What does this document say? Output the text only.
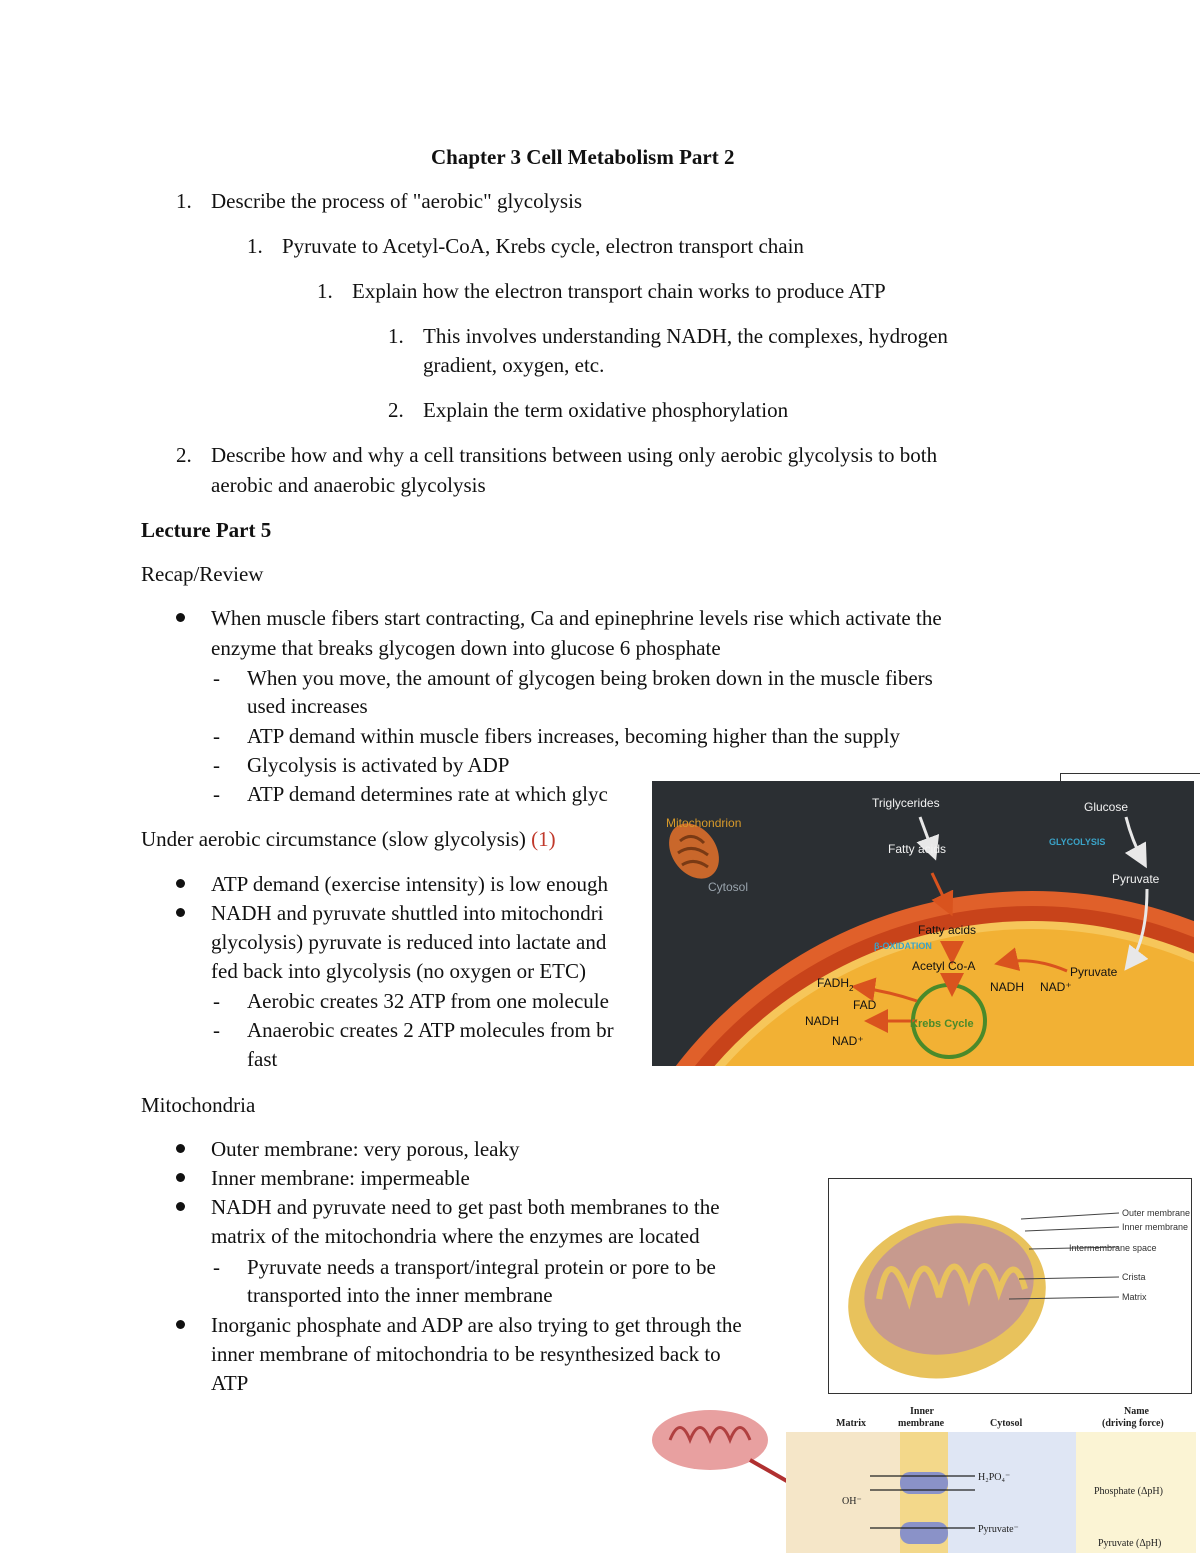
Chapter 3 Cell Metabolism Part 2
1. Describe the process of "aerobic" glycolysis
1. Pyruvate to Acetyl-CoA, Krebs cycle, electron transport chain
1. Explain how the electron transport chain works to produce ATP
1. This involves understanding NADH, the complexes, hydrogen
gradient, oxygen, etc.
2. Explain the term oxidative phosphorylation
2. Describe how and why a cell transitions between using only aerobic glycolysis to both
aerobic and anaerobic glycolysis
Lecture Part 5
Recap/Review
When muscle fibers start contracting, Ca and epinephrine levels rise which activate the
enzyme that breaks glycogen down into glucose 6 phosphate
- When you move, the amount of glycogen being broken down in the muscle fibers
used increases
- ATP demand within muscle fibers increases, becoming higher than the supply
- Glycolysis is activated by ADP
- ATP demand determines rate at which glyc
Under aerobic circumstance (slow glycolysis) (1)
ATP demand (exercise intensity) is low enough
NADH and pyruvate shuttled into mitochondri
glycolysis) pyruvate is reduced into lactate and
fed back into glycolysis (no oxygen or ETC)
- Aerobic creates 32 ATP from one molecule
- Anaerobic creates 2 ATP molecules from br
fast
Mitochondria
Outer membrane: very porous, leaky
Inner membrane: impermeable
NADH and pyruvate need to get past both membranes to the
matrix of the mitochondria where the enzymes are located
- Pyruvate needs a transport/integral protein or pore to be
transported into the inner membrane
Inorganic phosphate and ADP are also trying to get through the
inner membrane of mitochondria to be resynthesized back to
ATP
Mitochondrion
Cytosol
Triglycerides
Fatty acids
Glucose
GLYCOLYSIS
Pyruvate
Fatty acids
β-OXIDATION
Acetyl Co-A	Pyruvate
NADH NAD⁺
$FADH_2$
FAD
NADH
NAD⁺
Krebs Cycle
Outer membrane
Inner membrane
Intermembrane space
Crista
Matrix
Matrix
Inner
membrane	Cytosol
Name
(driving force)
OH⁻
H₂PO₄⁻
Pyruvate⁻
Phosphate (ΔpH)
Pyruvate (ΔpH)
